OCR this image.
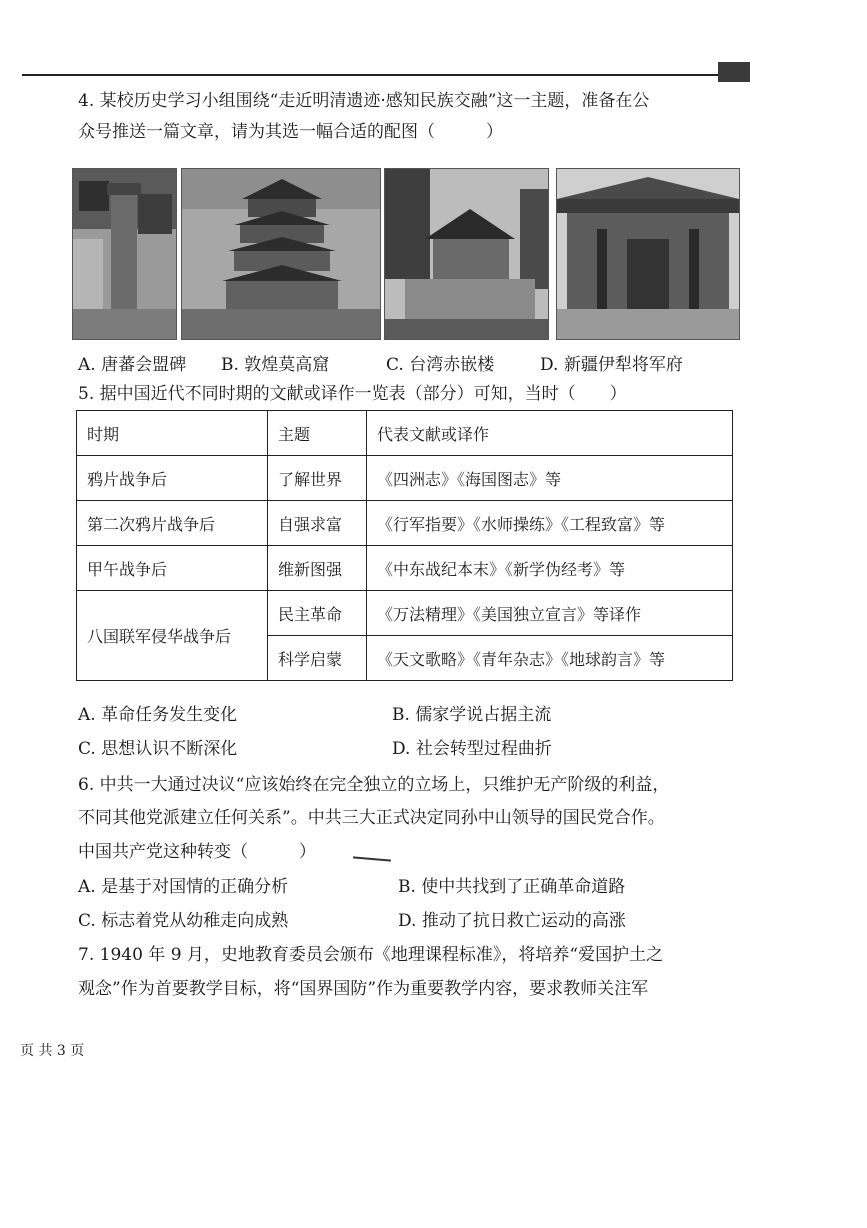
4. 某校历史学习小组围绕“走近明清遗迹·感知民族交融”这一主题，准备在公
众号推送一篇文章，请为其选一幅合适的配图（　　　）
A. 唐蕃会盟碑 B. 敦煌莫高窟	C. 台湾赤嵌楼	D. 新疆伊犁将军府
5. 据中国近代不同时期的文献或译作一览表（部分）可知，当时（　　）
时期	主题	代表文献或译作
鸦片战争后	了解世界	《四洲志》《海国图志》等
第二次鸦片战争后	自强求富	《行军指要》《水师操练》《工程致富》等
甲午战争后	维新图强	《中东战纪本末》《新学伪经考》等
八国联军侵华战争后	民主革命	《万法精理》《美国独立宣言》等译作
	科学启蒙	《天文歌略》《青年杂志》《地球韵言》等
A. 革命任务发生变化	B. 儒家学说占据主流
C. 思想认识不断深化	D. 社会转型过程曲折
6. 中共一大通过决议“应该始终在完全独立的立场上，只维护无产阶级的利益，
不同其他党派建立任何关系”。中共三大正式决定同孙中山领导的国民党合作。
中国共产党这种转变（　　　）
A. 是基于对国情的正确分析	B. 使中共找到了正确革命道路
C. 标志着党从幼稚走向成熟	D. 推动了抗日救亡运动的高涨
7. 1940 年 9 月，史地教育委员会颁布《地理课程标准》，将培养“爱国护土之
观念”作为首要教学目标，将“国界国防”作为重要教学内容，要求教师关注军
页 共 3 页
